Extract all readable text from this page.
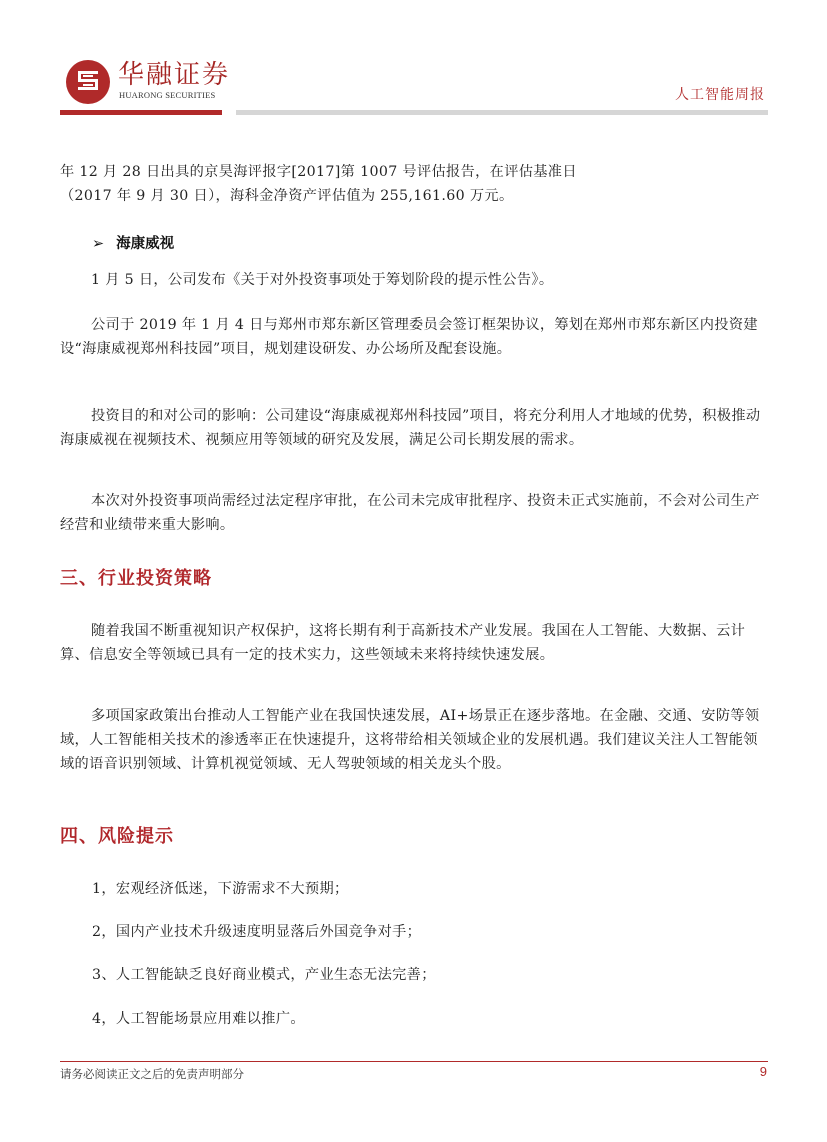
华融证券
HUARONG SECURITIES	人工智能周报
年 12 月 28 日出具的京昊海评报字[2017]第 1007 号评估报告，在评估基准日
（2017 年 9 月 30 日），海科金净资产评估值为 255,161.60 万元。
➢ 海康威视
1 月 5 日，公司发布《关于对外投资事项处于筹划阶段的提示性公告》。
公司于 2019 年 1 月 4 日与郑州市郑东新区管理委员会签订框架协议，筹划在郑州市郑东新区内投资建设“海康威视郑州科技园”项目，规划建设研发、办公场所及配套设施。
投资目的和对公司的影响：公司建设“海康威视郑州科技园”项目，将充分利用人才地域的优势，积极推动海康威视在视频技术、视频应用等领域的研究及发展，满足公司长期发展的需求。
本次对外投资事项尚需经过法定程序审批，在公司未完成审批程序、投资未正式实施前，不会对公司生产经营和业绩带来重大影响。
三、行业投资策略
随着我国不断重视知识产权保护，这将长期有利于高新技术产业发展。我国在人工智能、大数据、云计算、信息安全等领域已具有一定的技术实力，这些领域未来将持续快速发展。
多项国家政策出台推动人工智能产业在我国快速发展，AI+场景正在逐步落地。在金融、交通、安防等领域，人工智能相关技术的渗透率正在快速提升，这将带给相关领域企业的发展机遇。我们建议关注人工智能领域的语音识别领域、计算机视觉领域、无人驾驶领域的相关龙头个股。
四、风险提示
1，宏观经济低迷，下游需求不大预期；
2，国内产业技术升级速度明显落后外国竞争对手；
3、人工智能缺乏良好商业模式，产业生态无法完善；
4，人工智能场景应用难以推广。
请务必阅读正文之后的免责声明部分	9
